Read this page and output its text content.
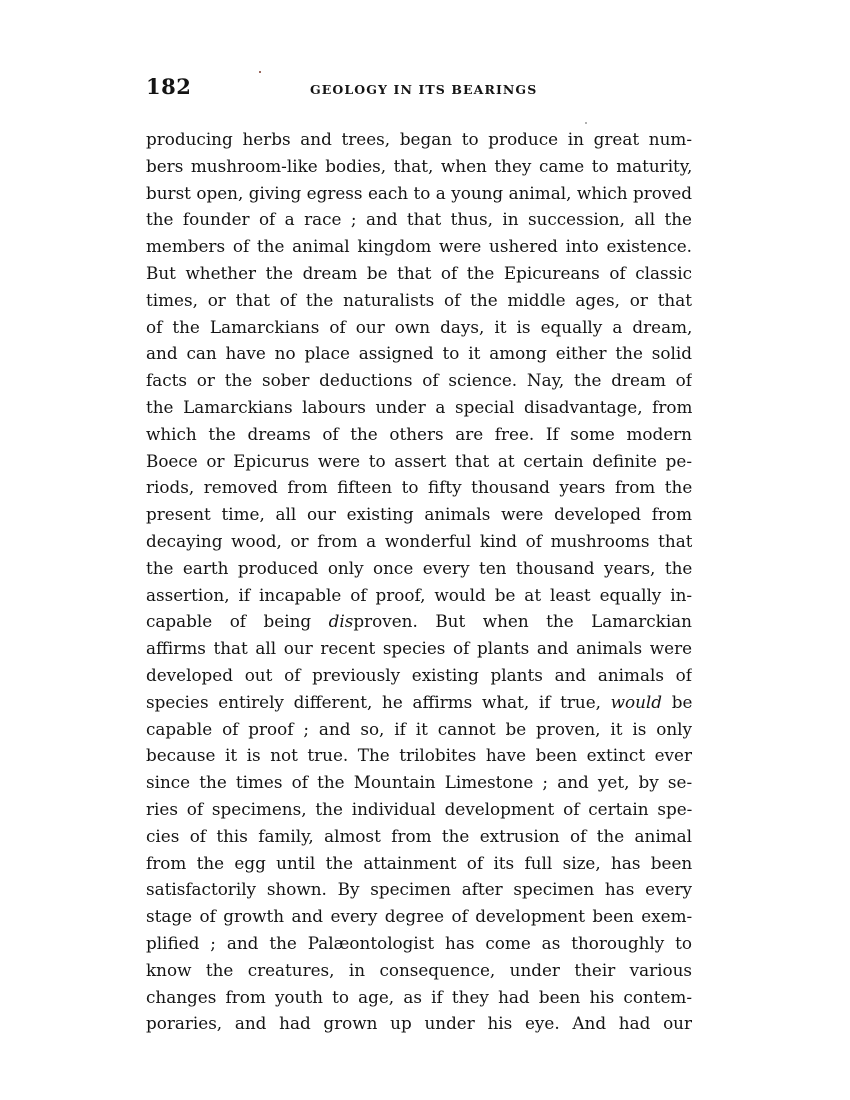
182	GEOLOGY IN ITS BEARINGS
producing herbs and trees, began to produce in great num-
bers mushroom-like bodies, that, when they came to maturity,
burst open, giving egress each to a young animal, which proved
the founder of a race ; and that thus, in succession, all the
members of the animal kingdom were ushered into existence.
But whether the dream be that of the Epicureans of classic
times, or that of the naturalists of the middle ages, or that
of the Lamarckians of our own days, it is equally a dream,
and can have no place assigned to it among either the solid
facts or the sober deductions of science. Nay, the dream of
the Lamarckians labours under a special disadvantage, from
which the dreams of the others are free. If some modern
Boece or Epicurus were to assert that at certain definite pe-
riods, removed from fifteen to fifty thousand years from the
present time, all our existing animals were developed from
decaying wood, or from a wonderful kind of mushrooms that
the earth produced only once every ten thousand years, the
assertion, if incapable of proof, would be at least equally in-
capable of being disproven. But when the Lamarckian
affirms that all our recent species of plants and animals were
developed out of previously existing plants and animals of
species entirely different, he affirms what, if true, would be
capable of proof ; and so, if it cannot be proven, it is only
because it is not true. The trilobites have been extinct ever
since the times of the Mountain Limestone ; and yet, by se-
ries of specimens, the individual development of certain spe-
cies of this family, almost from the extrusion of the animal
from the egg until the attainment of its full size, has been
satisfactorily shown. By specimen after specimen has every
stage of growth and every degree of development been exem-
plified ; and the Palæontologist has come as thoroughly to
know the creatures, in consequence, under their various
changes from youth to age, as if they had been his contem-
poraries, and had grown up under his eye. And had our
